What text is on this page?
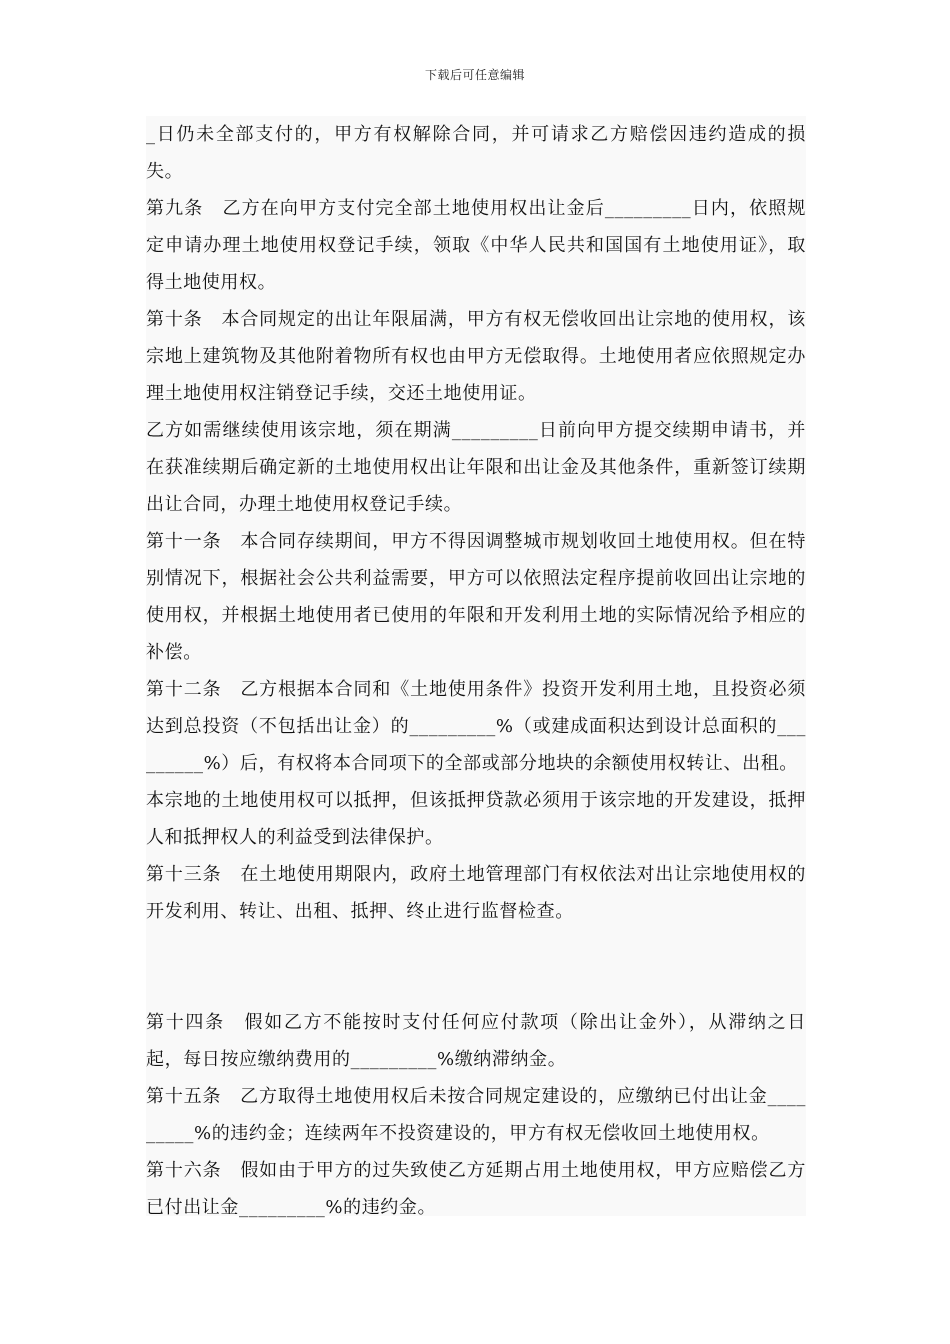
下载后可任意编辑

_日仍未全部支付的，甲方有权解除合同，并可请求乙方赔偿因违约造成的损失。

第九条　乙方在向甲方支付完全部土地使用权出让金后_________日内，依照规定申请办理土地使用权登记手续，领取《中华人民共和国国有土地使用证》，取得土地使用权。

第十条　本合同规定的出让年限届满，甲方有权无偿收回出让宗地的使用权，该宗地上建筑物及其他附着物所有权也由甲方无偿取得。土地使用者应依照规定办理土地使用权注销登记手续，交还土地使用证。

乙方如需继续使用该宗地，须在期满_________日前向甲方提交续期申请书，并在获准续期后确定新的土地使用权出让年限和出让金及其他条件，重新签订续期出让合同，办理土地使用权登记手续。

第十一条　本合同存续期间，甲方不得因调整城市规划收回土地使用权。但在特别情况下，根据社会公共利益需要，甲方可以依照法定程序提前收回出让宗地的使用权，并根据土地使用者已使用的年限和开发利用土地的实际情况给予相应的补偿。

第十二条　乙方根据本合同和《土地使用条件》投资开发利用土地，且投资必须达到总投资（不包括出让金）的_________%（或建成面积达到设计总面积的_________%）后，有权将本合同项下的全部或部分地块的余额使用权转让、出租。

本宗地的土地使用权可以抵押，但该抵押贷款必须用于该宗地的开发建设，抵押人和抵押权人的利益受到法律保护。

第十三条　在土地使用期限内，政府土地管理部门有权依法对出让宗地使用权的开发利用、转让、出租、抵押、终止进行监督检查。

第十四条　假如乙方不能按时支付任何应付款项（除出让金外），从滞纳之日起，每日按应缴纳费用的_________%缴纳滞纳金。

第十五条　乙方取得土地使用权后未按合同规定建设的，应缴纳已付出让金_________%的违约金；连续两年不投资建设的，甲方有权无偿收回土地使用权。

第十六条　假如由于甲方的过失致使乙方延期占用土地使用权，甲方应赔偿乙方已付出让金_________%的违约金。
